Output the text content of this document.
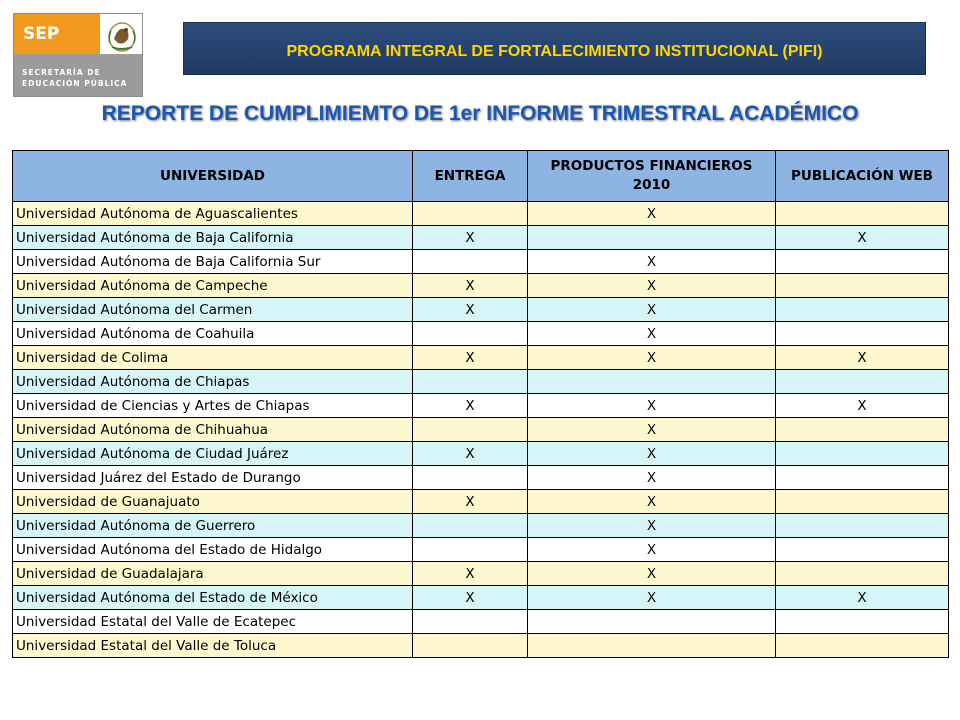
SEP
SECRETARÍA DE
EDUCACIÓN PÚBLICA
PROGRAMA INTEGRAL DE FORTALECIMIENTO INSTITUCIONAL (PIFI)
REPORTE DE CUMPLIMIEMTO DE 1er INFORME TRIMESTRAL ACADÉMICO
UNIVERSIDAD	ENTREGA	PRODUCTOS FINANCIEROS 2010	PUBLICACIÓN WEB
Universidad Autónoma de Aguascalientes		X	
Universidad Autónoma de Baja California	X		X
Universidad Autónoma de Baja California Sur		X	
Universidad Autónoma de Campeche	X	X	
Universidad Autónoma del Carmen	X	X	
Universidad Autónoma de Coahuila		X	
Universidad de Colima	X	X	X
Universidad Autónoma de Chiapas			
Universidad de Ciencias y Artes de Chiapas	X	X	X
Universidad Autónoma de Chihuahua		X	
Universidad Autónoma de Ciudad Juárez	X	X	
Universidad Juárez del Estado de Durango		X	
Universidad de Guanajuato	X	X	
Universidad Autónoma de Guerrero		X	
Universidad Autónoma del Estado de Hidalgo		X	
Universidad de Guadalajara	X	X	
Universidad Autónoma del Estado de México	X	X	X
Universidad Estatal del Valle de Ecatepec			
Universidad Estatal del Valle de Toluca			
